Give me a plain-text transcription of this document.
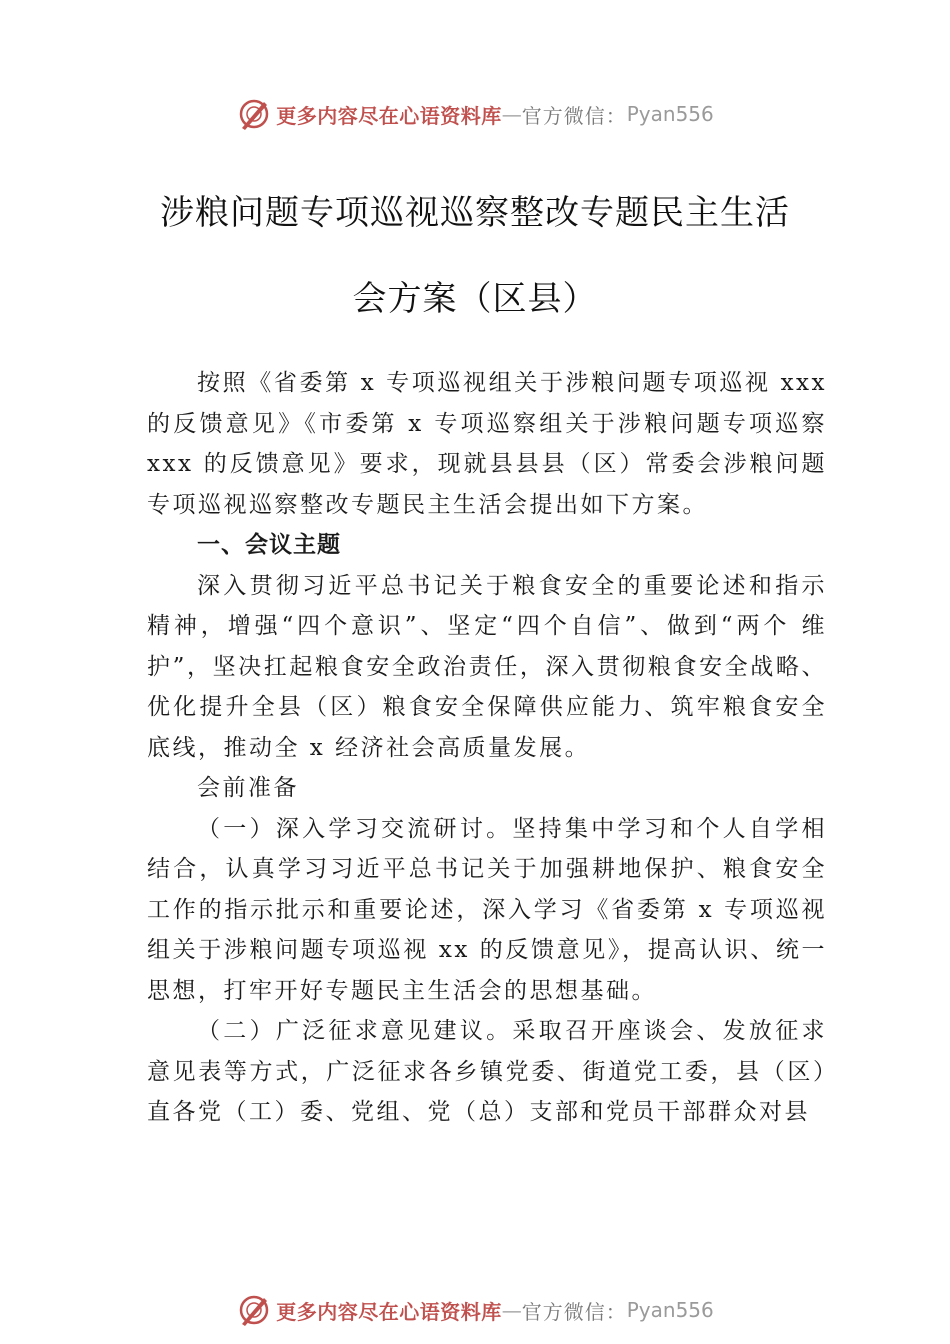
更多内容尽在心语资料库 — 官方微信： Pyan556
涉粮问题专项巡视巡察整改专题民主生活
会方案（区县）

按照《省委第 x 专项巡视组关于涉粮问题专项巡视 xxx 的反馈意见》《市委第 x 专项巡察组关于涉粮问题专项巡察 xxx 的反馈意见》要求，现就县县县（区）常委会涉粮问题专项巡视巡察整改专题民主生活会提出如下方案。

一、会议主题

深入贯彻习近平总书记关于粮食安全的重要论述和指示精神，增强“四个意识”、坚定“四个自信”、做到“两个 维护”，坚决扛起粮食安全政治责任，深入贯彻粮食安全战略、优化提升全县（区）粮食安全保障供应能力、筑牢粮食安全 底线，推动全 x 经济社会高质量发展。

会前准备

（一）深入学习交流研讨。坚持集中学习和个人自学相结合，认真学习习近平总书记关于加强耕地保护、粮食安全工作的指示批示和重要论述，深入学习《省委第 x 专项巡视组关于涉粮问题专项巡视 xx 的反馈意见》，提高认识、统一思想，打牢开好专题民主生活会的思想基础。

（二）广泛征求意见建议。采取召开座谈会、发放征求意见表等方式，广泛征求各乡镇党委、街道党工委，县（区）直各党（工）委、党组、党（总）支部和党员干部群众对县

更多内容尽在心语资料库 — 官方微信： Pyan556
